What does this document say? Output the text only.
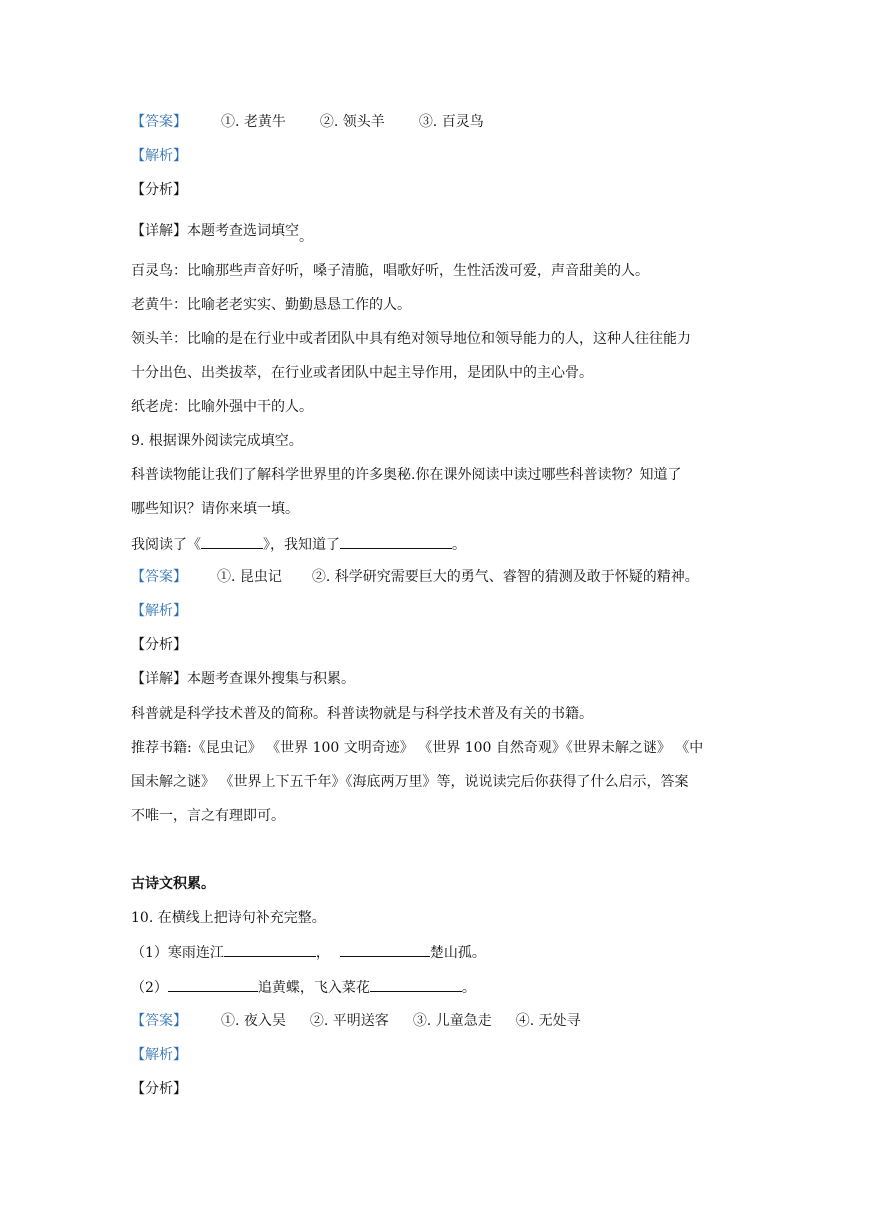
【答案】 ①. 老黄牛 ②. 领头羊 ③. 百灵鸟
【解析】
【分析】
【详解】本题考查选词填空。
百灵鸟：比喻那些声音好听，嗓子清脆，唱歌好听，生性活泼可爱，声音甜美的人。
老黄牛：比喻老老实实、勤勤恳恳工作的人。
领头羊：比喻的是在行业中或者团队中具有绝对领导地位和领导能力的人，这种人往往能力
十分出色、出类拔萃，在行业或者团队中起主导作用，是团队中的主心骨。
纸老虎：比喻外强中干的人。
9. 根据课外阅读完成填空。
科普读物能让我们了解科学世界里的许多奥秘.你在课外阅读中读过哪些科普读物？知道了
哪些知识？请你来填一填。
我阅读了《	》，我知道了	。
【答案】 ①. 昆虫记 ②. 科学研究需要巨大的勇气、睿智的猜测及敢于怀疑的精神。
【解析】
【分析】
【详解】本题考查课外搜集与积累。
科普就是科学技术普及的简称。科普读物就是与科学技术普及有关的书籍。
推荐书籍:《昆虫记》 《世界 100 文明奇迹》 《世界 100 自然奇观》《世界未解之谜》 《中
国未解之谜》 《世界上下五千年》《海底两万里》等，说说读完后你获得了什么启示，答案
不唯一，言之有理即可。
古诗文积累。
10. 在横线上把诗句补充完整。
（1）寒雨连江	，	楚山孤。
（2）	追黄蝶，飞入菜花	。
【答案】 ①. 夜入吴 ②. 平明送客 ③. 儿童急走 ④. 无处寻
【解析】
【分析】
